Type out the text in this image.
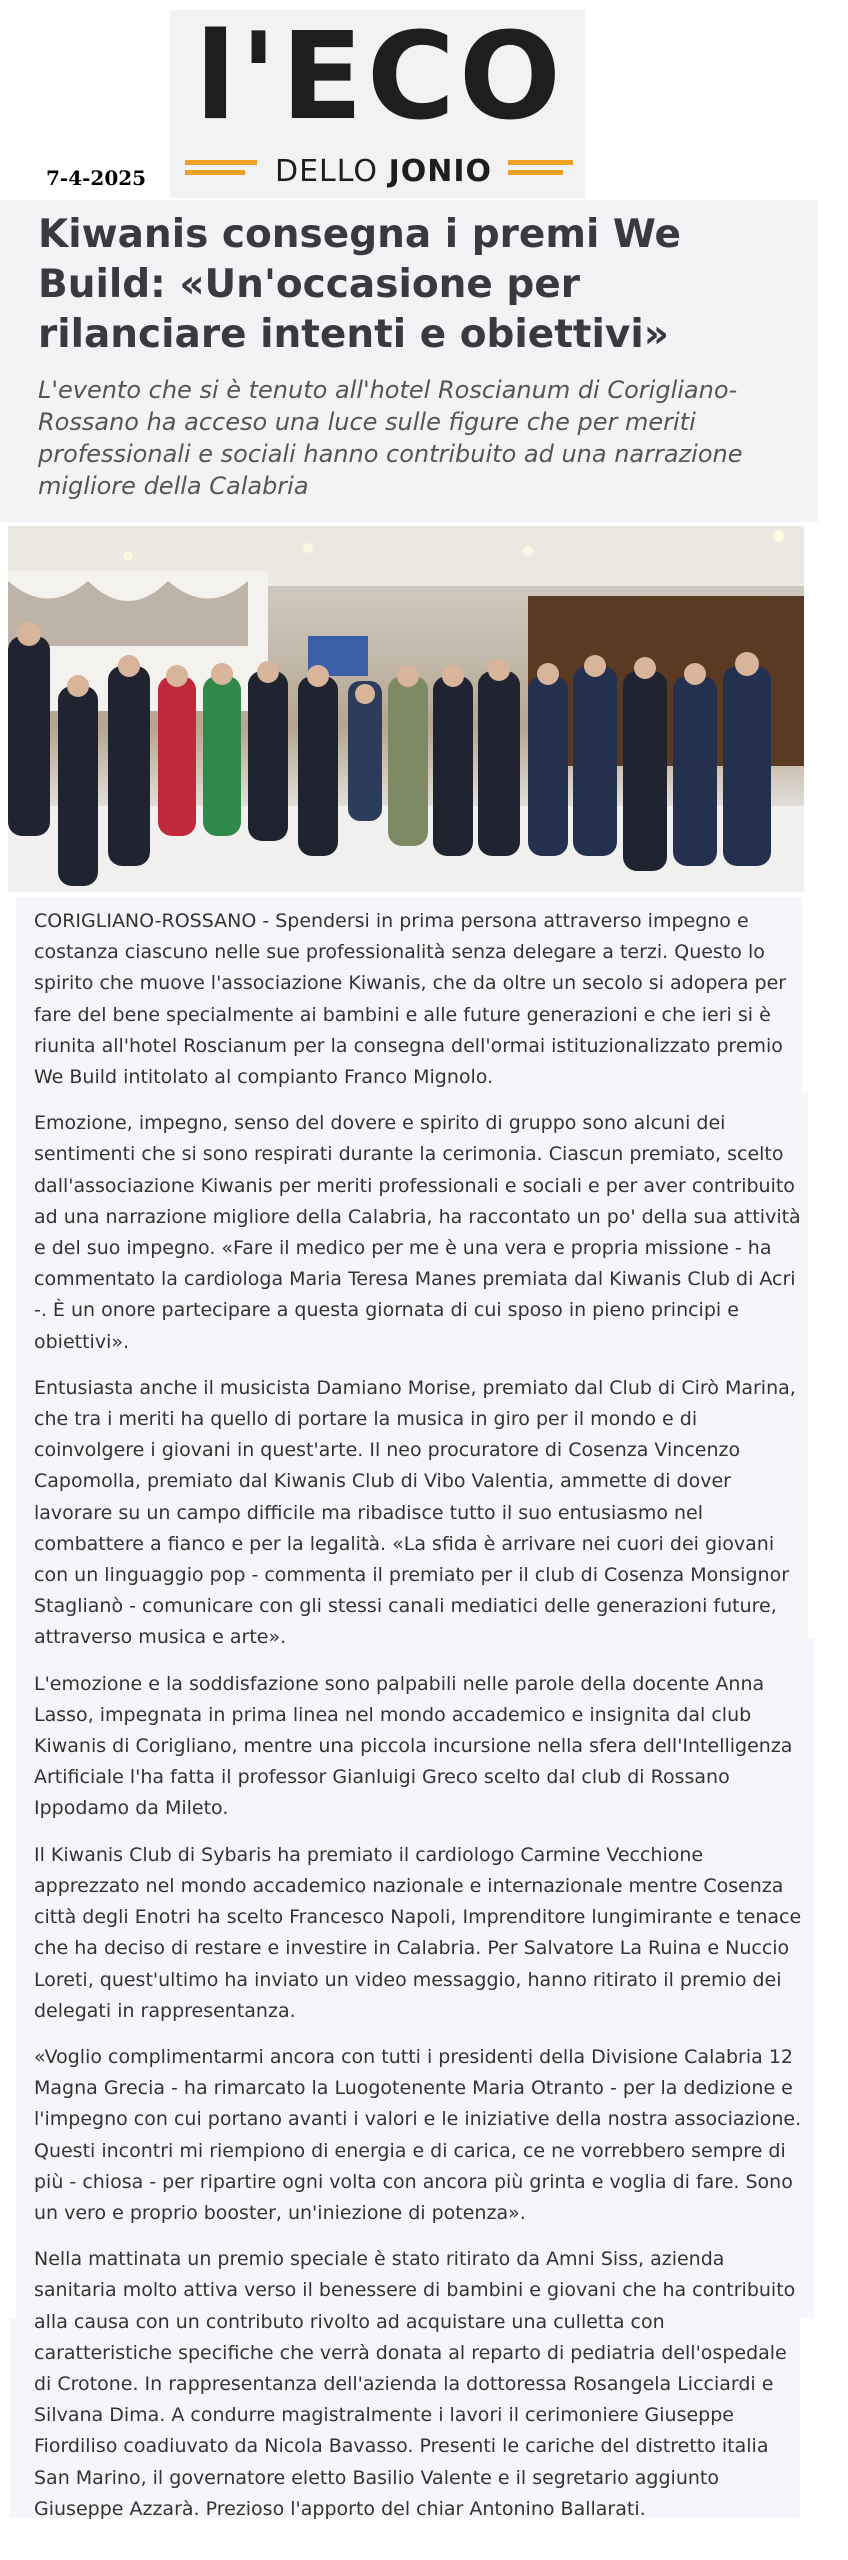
l'ECO
DELLO JONIO
7-4-2025
Kiwanis consegna i premi We Build: «Un'occasione per rilanciare intenti e obiettivi»

L'evento che si è tenuto all'hotel Roscianum di Corigliano-Rossano ha acceso una luce sulle figure che per meriti professionali e sociali hanno contribuito ad una narrazione migliore della Calabria

CORIGLIANO-ROSSANO - Spendersi in prima persona attraverso impegno e costanza ciascuno nelle sue professionalità senza delegare a terzi. Questo lo spirito che muove l'associazione Kiwanis, che da oltre un secolo si adopera per fare del bene specialmente ai bambini e alle future generazioni e che ieri si è riunita all'hotel Roscianum per la consegna dell'ormai istituzionalizzato premio We Build intitolato al compianto Franco Mignolo.

Emozione, impegno, senso del dovere e spirito di gruppo sono alcuni dei sentimenti che si sono respirati durante la cerimonia. Ciascun premiato, scelto dall'associazione Kiwanis per meriti professionali e sociali e per aver contribuito ad una narrazione migliore della Calabria, ha raccontato un po' della sua attività e del suo impegno. «Fare il medico per me è una vera e propria missione - ha commentato la cardiologa Maria Teresa Manes premiata dal Kiwanis Club di Acri -. È un onore partecipare a questa giornata di cui sposo in pieno principi e obiettivi».

Entusiasta anche il musicista Damiano Morise, premiato dal Club di Cirò Marina, che tra i meriti ha quello di portare la musica in giro per il mondo e di coinvolgere i giovani in quest'arte. Il neo procuratore di Cosenza Vincenzo Capomolla, premiato dal Kiwanis Club di Vibo Valentia, ammette di dover lavorare su un campo difficile ma ribadisce tutto il suo entusiasmo nel combattere a fianco e per la legalità. «La sfida è arrivare nei cuori dei giovani con un linguaggio pop - commenta il premiato per il club di Cosenza Monsignor Staglianò - comunicare con gli stessi canali mediatici delle generazioni future, attraverso musica e arte».

L'emozione e la soddisfazione sono palpabili nelle parole della docente Anna Lasso, impegnata in prima linea nel mondo accademico e insignita dal club Kiwanis di Corigliano, mentre una piccola incursione nella sfera dell'Intelligenza Artificiale l'ha fatta il professor Gianluigi Greco scelto dal club di Rossano Ippodamo da Mileto.

Il Kiwanis Club di Sybaris ha premiato il cardiologo Carmine Vecchione apprezzato nel mondo accademico nazionale e internazionale mentre Cosenza città degli Enotri ha scelto Francesco Napoli, Imprenditore lungimirante e tenace che ha deciso di restare e investire in Calabria. Per Salvatore La Ruina e Nuccio Loreti, quest'ultimo ha inviato un video messaggio, hanno ritirato il premio dei delegati in rappresentanza.

«Voglio complimentarmi ancora con tutti i presidenti della Divisione Calabria 12 Magna Grecia - ha rimarcato la Luogotenente Maria Otranto - per la dedizione e l'impegno con cui portano avanti i valori e le iniziative della nostra associazione. Questi incontri mi riempiono di energia e di carica, ce ne vorrebbero sempre di più - chiosa - per ripartire ogni volta con ancora più grinta e voglia di fare. Sono un vero e proprio booster, un'iniezione di potenza».

Nella mattinata un premio speciale è stato ritirato da Amni Siss, azienda sanitaria molto attiva verso il benessere di bambini e giovani che ha contribuito alla causa con un contributo rivolto ad acquistare una culletta con caratteristiche specifiche che verrà donata al reparto di pediatria dell'ospedale di Crotone. In rappresentanza dell'azienda la dottoressa Rosangela Licciardi e Silvana Dima. A condurre magistralmente i lavori il cerimoniere Giuseppe Fiordiliso coadiuvato da Nicola Bavasso. Presenti le cariche del distretto italia San Marino, il governatore eletto Basilio Valente e il segretario aggiunto Giuseppe Azzarà. Prezioso l'apporto del chiar Antonino Ballarati.
